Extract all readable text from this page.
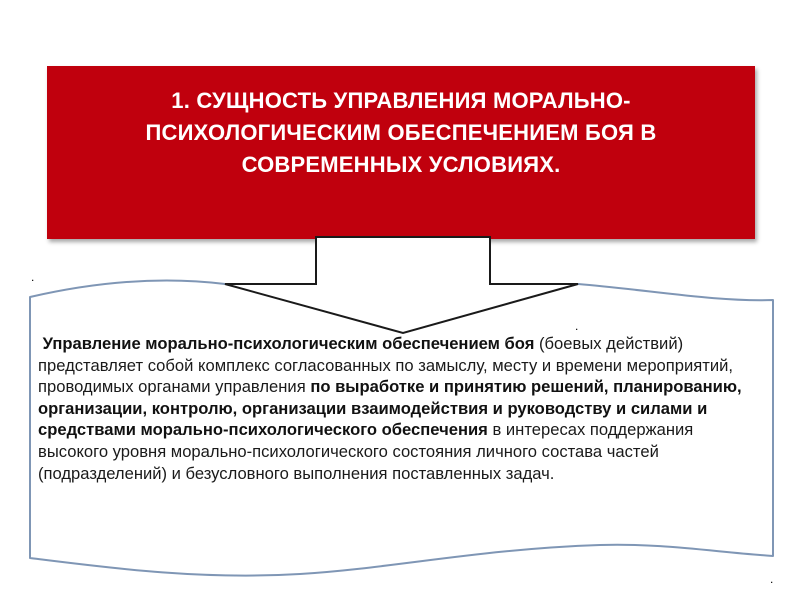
1. СУЩНОСТЬ УПРАВЛЕНИЯ МОРАЛЬНО-ПСИХОЛОГИЧЕСКИМ ОБЕСПЕЧЕНИЕМ БОЯ В СОВРЕМЕННЫХ УСЛОВИЯХ.
.
.
.
Управление морально-психологическим обеспечением боя (боевых действий) представляет собой комплекс согласованных по замыслу, месту и времени мероприятий, проводимых органами управления по выработке и принятию решений, планированию, организации, контролю, организации взаимодействия и руководству и силами и средствами морально-психологического обеспечения в интересах поддержания высокого уровня морально-психологического состояния личного состава частей (подразделений) и безусловного выполнения поставленных задач.
